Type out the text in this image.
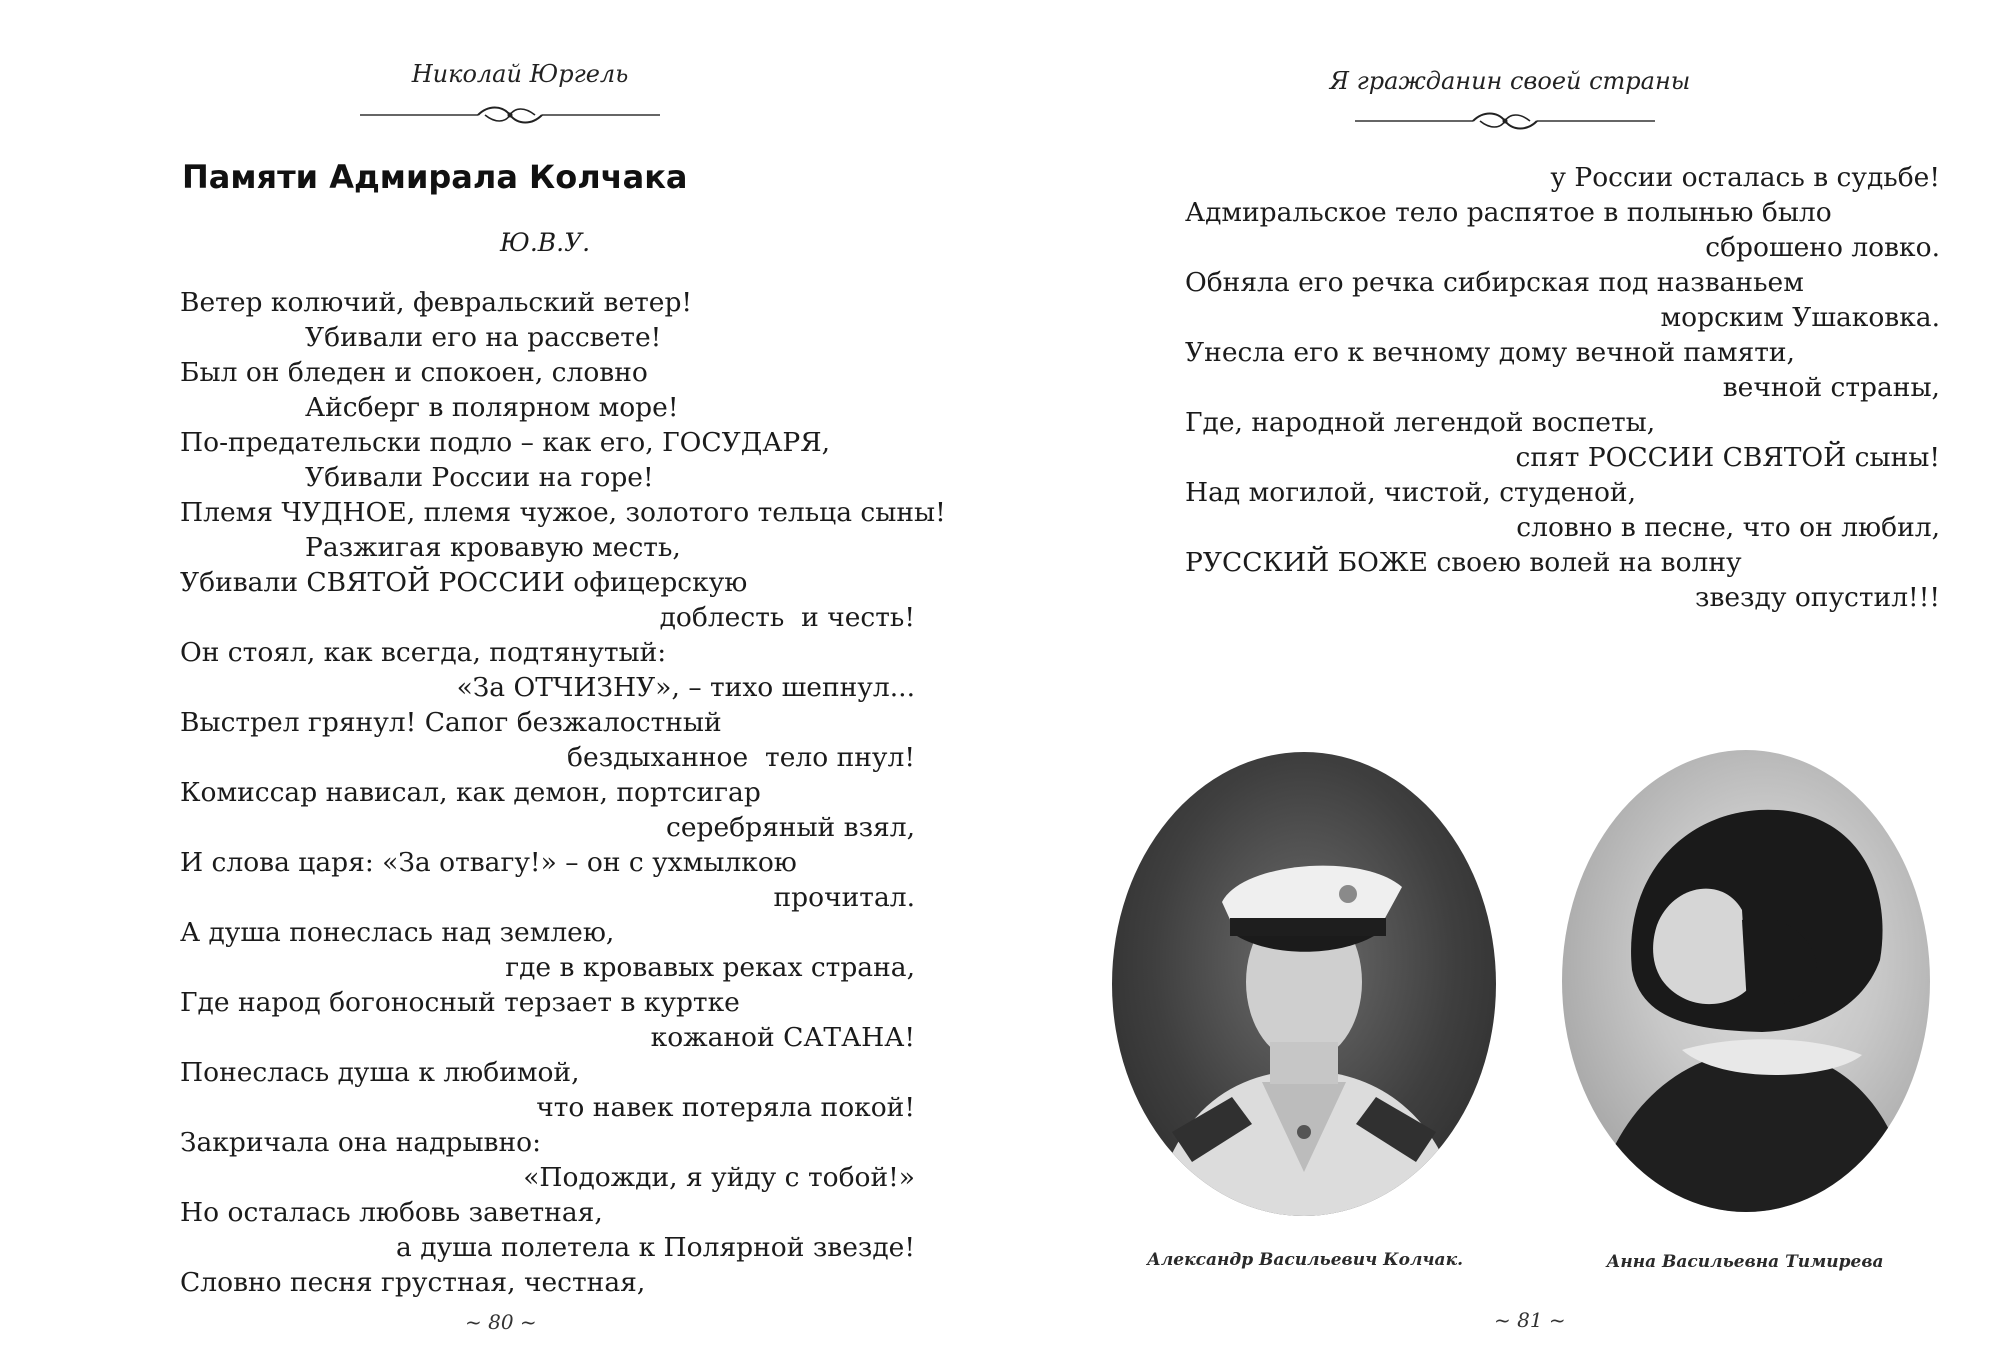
Николай Юргель
Памяти Адмирала Колчака
Ю.В.У.
Ветер колючий, февральский ветер!
Убивали его на рассвете!
Был он бледен и спокоен, словно
Айсберг в полярном море!
По-предательски подло – как его, ГОСУДАРЯ,
Убивали России на горе!
Племя ЧУДНОЕ, племя чужое, золотого тельца сыны!
Разжигая кровавую месть,
Убивали СВЯТОЙ РОССИИ офицерскую
доблесть  и честь!
Он стоял, как всегда, подтянутый:
«За ОТЧИЗНУ», – тихо шепнул...
Выстрел грянул! Сапог безжалостный
бездыханное  тело пнул!
Комиссар нависал, как демон, портсигар
серебряный взял,
И слова царя: «За отвагу!» – он с ухмылкою
прочитал.
А душа понеслась над землею,
где в кровавых реках страна,
Где народ богоносный терзает в куртке
кожаной САТАНА!
Понеслась душа к любимой,
что навек потеряла покой!
Закричала она надрывно:
«Подожди, я уйду с тобой!»
Но осталась любовь заветная,
а душа полетела к Полярной звезде!
Словно песня грустная, честная,
~ 80 ~
Я гражданин своей страны
у России осталась в судьбе!
Адмиральское тело распятое в полынью было
сброшено ловко.
Обняла его речка сибирская под названьем
морским Ушаковка.
Унесла его к вечному дому вечной памяти,
вечной страны,
Где, народной легендой воспеты,
спят РОССИИ СВЯТОЙ сыны!
Над могилой, чистой, студеной,
словно в песне, что он любил,
РУССКИЙ БОЖЕ своею волей на волну
звезду опустил!!!
Александр Васильевич Колчак.	Анна Васильевна Тимирева
~ 81 ~
